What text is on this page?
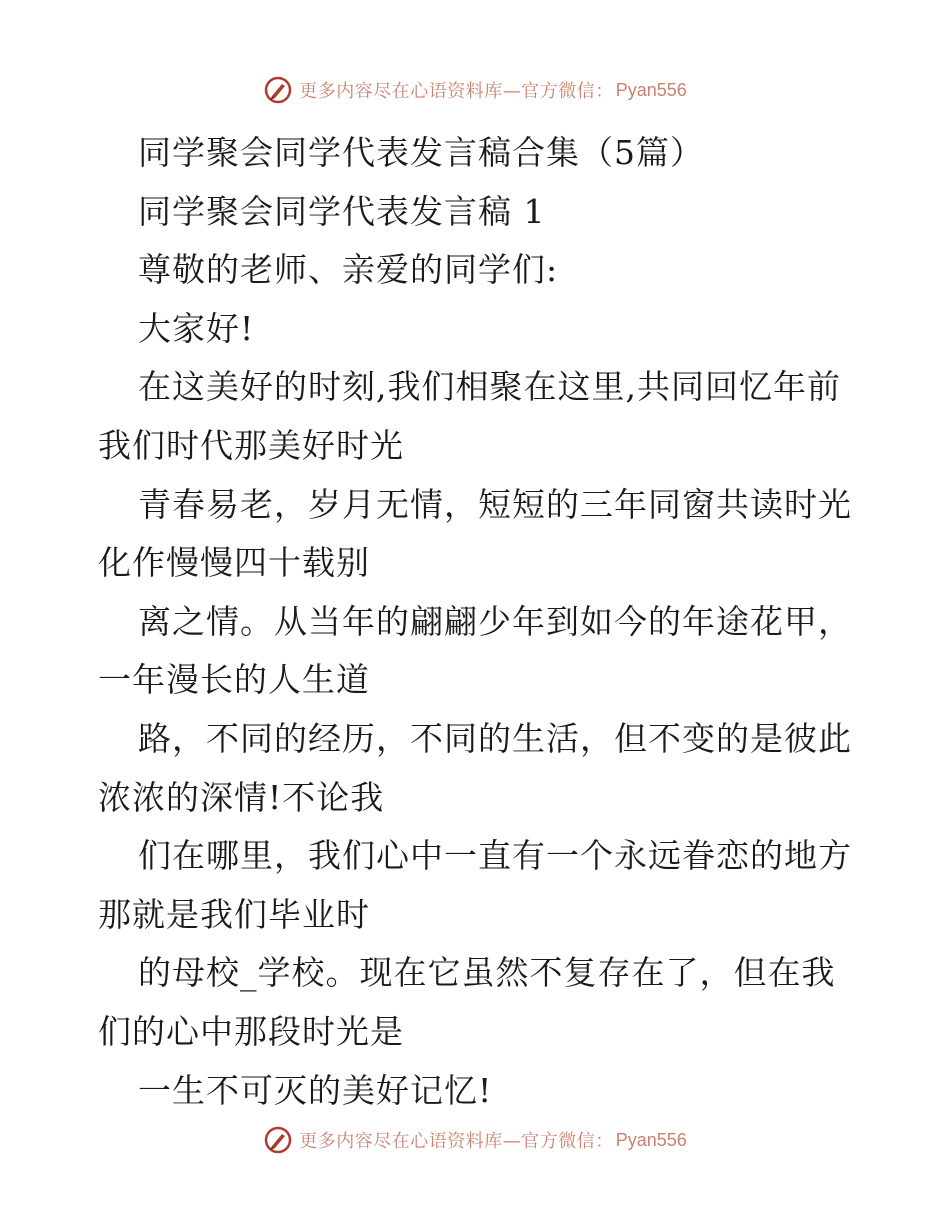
更多内容尽在心语资料库—官方微信： Pyan556
同学聚会同学代表发言稿合集（5篇）
同学聚会同学代表发言稿 1
尊敬的老师、亲爱的同学们:
大家好!
在这美好的时刻,我们相聚在这里,共同回忆年前
我们时代那美好时光
青春易老，岁月无情，短短的三年同窗共读时光
化作慢慢四十载别
离之情。从当年的翩翩少年到如今的年途花甲，
一年漫长的人生道
路，不同的经历，不同的生活，但不变的是彼此
浓浓的深情!不论我
们在哪里，我们心中一直有一个永远眷恋的地方
那就是我们毕业时
的母校_学校。现在它虽然不复存在了，但在我
们的心中那段时光是
一生不可灭的美好记忆!
更多内容尽在心语资料库—官方微信： Pyan556
